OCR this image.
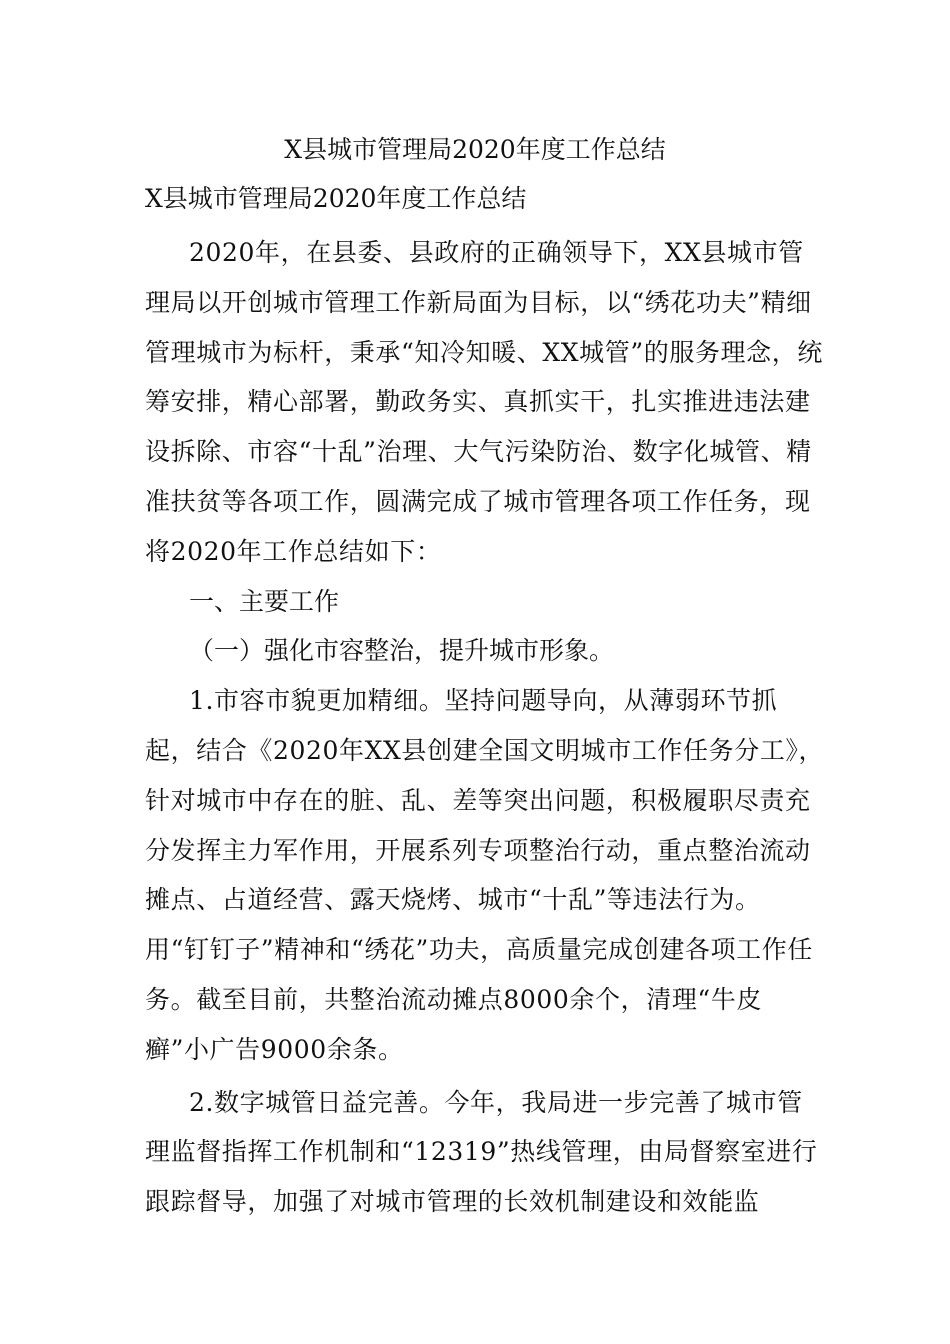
X县城市管理局2020年度工作总结
X县城市管理局2020年度工作总结

2020年，在县委、县政府的正确领导下，XX县城市管理局以开创城市管理工作新局面为目标，以“绣花功夫”精细管理城市为标杆，秉承“知冷知暖、XX城管”的服务理念，统筹安排，精心部署，勤政务实、真抓实干，扎实推进违法建设拆除、市容“十乱”治理、大气污染防治、数字化城管、精准扶贫等各项工作，圆满完成了城市管理各项工作任务，现将2020年工作总结如下：

一、主要工作

（一）强化市容整治，提升城市形象。

1.市容市貌更加精细。坚持问题导向，从薄弱环节抓起，结合《2020年XX县创建全国文明城市工作任务分工》，针对城市中存在的脏、乱、差等突出问题，积极履职尽责充分发挥主力军作用，开展系列专项整治行动，重点整治流动摊点、占道经营、露天烧烤、城市“十乱”等违法行为。用“钉钉子”精神和“绣花”功夫，高质量完成创建各项工作任务。截至目前，共整治流动摊点8000余个，清理“牛皮癣”小广告9000余条。

2.数字城管日益完善。今年，我局进一步完善了城市管理监督指挥工作机制和“12319”热线管理，由局督察室进行跟踪督导，加强了对城市管理的长效机制建设和效能监
